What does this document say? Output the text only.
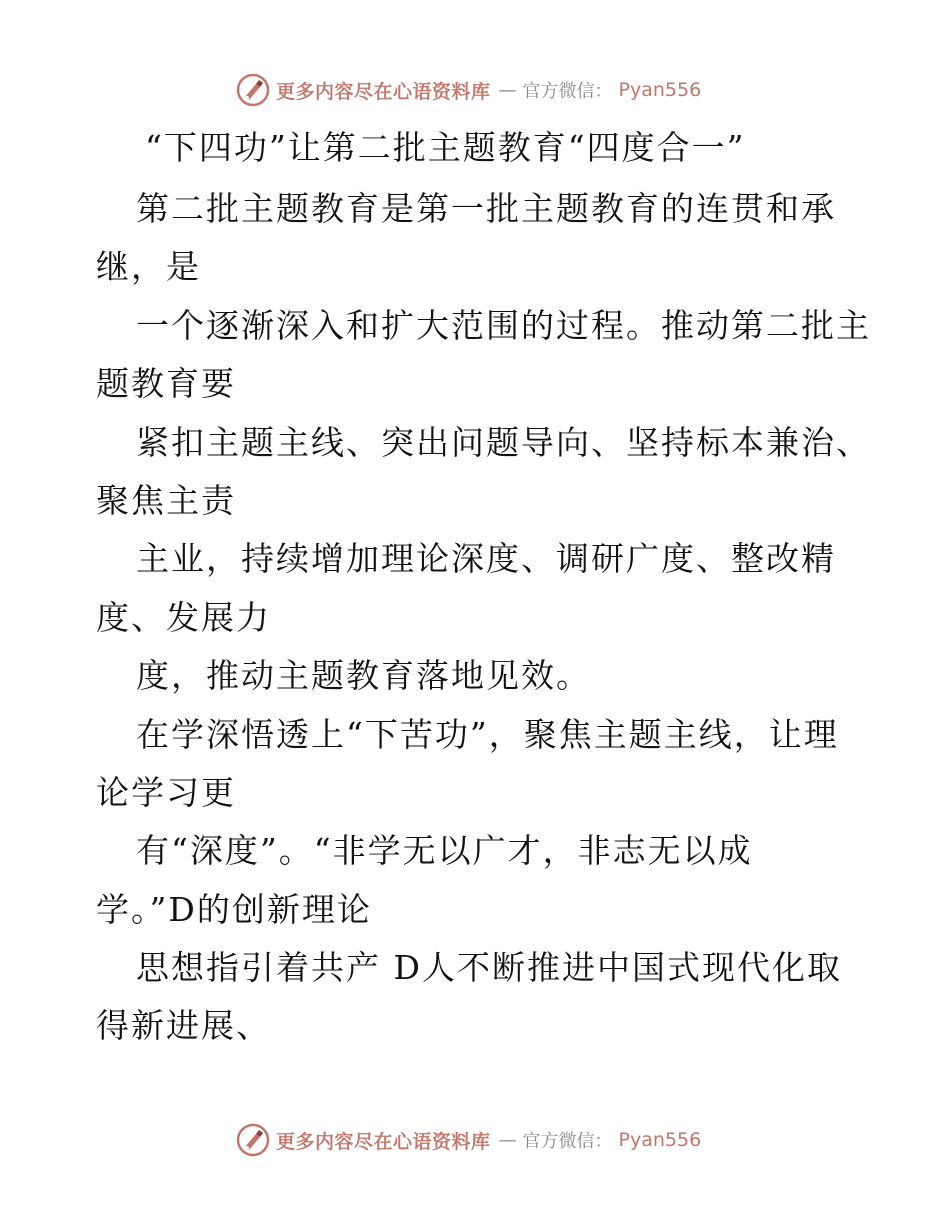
更多内容尽在心语资料库 — 官方微信： Pyan556
“下四功”让第二批主题教育“四度合一”
第二批主题教育是第一批主题教育的连贯和承
继，是
一个逐渐深入和扩大范围的过程。推动第二批主
题教育要
紧扣主题主线、突出问题导向、坚持标本兼治、
聚焦主责
主业，持续增加理论深度、调研广度、整改精
度、发展力
度，推动主题教育落地见效。
在学深悟透上“下苦功”，聚焦主题主线，让理
论学习更
有“深度”。“非学无以广才，非志无以成
学。”D的创新理论
思想指引着共产 D人不断推进中国式现代化取
得新进展、
更多内容尽在心语资料库 — 官方微信： Pyan556
